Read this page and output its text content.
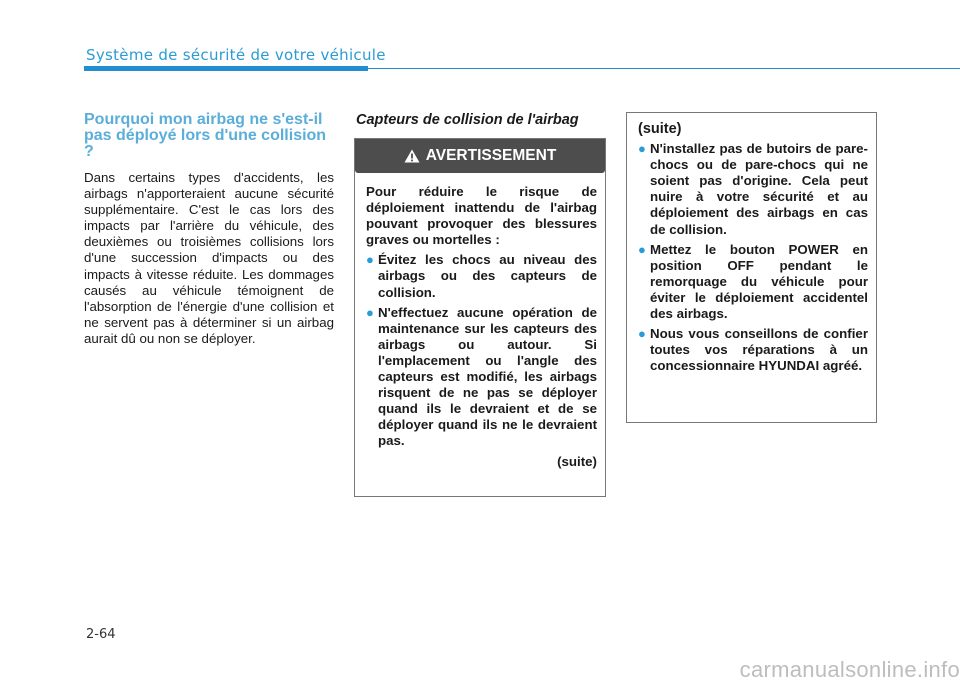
Système de sécurité de votre véhicule
Pourquoi mon airbag ne s'est-il pas déployé lors d'une collision ?

Dans certains types d'accidents, les airbags n'apporteraient aucune sécurité supplémentaire. C'est le cas lors des impacts par l'arrière du véhicule, des deuxièmes ou troisièmes collisions lors d'une succession d'impacts ou des impacts à vitesse réduite. Les dommages causés au véhicule témoignent de l'absorption de l'énergie d'une collision et ne servent pas à déterminer si un airbag aurait dû ou non se déployer.

Capteurs de collision de l'airbag
AVERTISSEMENT

Pour réduire le risque de déploiement inattendu de l'airbag pouvant provoquer des blessures graves ou mortelles :

● Évitez les chocs au niveau des airbags ou des capteurs de collision.
● N'effectuez aucune opération de maintenance sur les capteurs des airbags ou autour. Si l'emplacement ou l'angle des capteurs est modifié, les airbags risquent de ne pas se déployer quand ils le devraient et de se déployer quand ils ne le devraient pas.

(suite)

(suite)

● N'installez pas de butoirs de pare-chocs ou de pare-chocs qui ne soient pas d'origine. Cela peut nuire à votre sécurité et au déploiement des airbags en cas de collision.
● Mettez le bouton POWER en position OFF pendant le remorquage du véhicule pour éviter le déploiement accidentel des airbags.
● Nous vous conseillons de confier toutes vos réparations à un concessionnaire HYUNDAI agréé.
2-64
carmanualsonline.info
